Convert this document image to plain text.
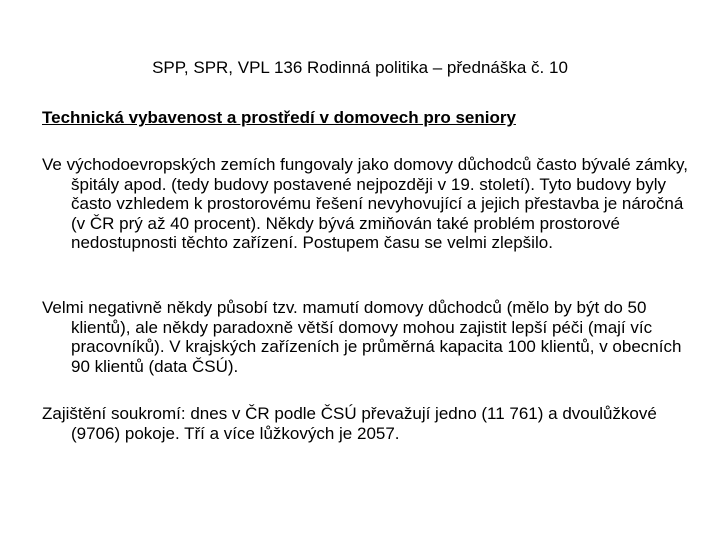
SPP, SPR, VPL 136 Rodinná politika – přednáška č. 10
Technická vybavenost a prostředí v domovech pro seniory

Ve východoevropských zemích fungovaly jako domovy důchodců často bývalé zámky, špitály apod. (tedy budovy postavené nejpozději v 19. století). Tyto budovy byly často vzhledem k prostorovému řešení nevyhovující a jejich přestavba je náročná (v ČR prý až 40 procent). Někdy bývá zmiňován také problém prostorové nedostupnosti těchto zařízení. Postupem času se velmi zlepšilo.

Velmi negativně někdy působí tzv. mamutí domovy důchodců (mělo by být do 50 klientů), ale někdy paradoxně větší domovy mohou zajistit lepší péči (mají víc pracovníků). V krajských zařízeních je průměrná kapacita 100 klientů, v obecních 90 klientů (data ČSÚ).

Zajištění soukromí: dnes v ČR podle ČSÚ převažují jedno (11 761) a dvoulůžkové (9706) pokoje. Tří a více lůžkových je 2057.
